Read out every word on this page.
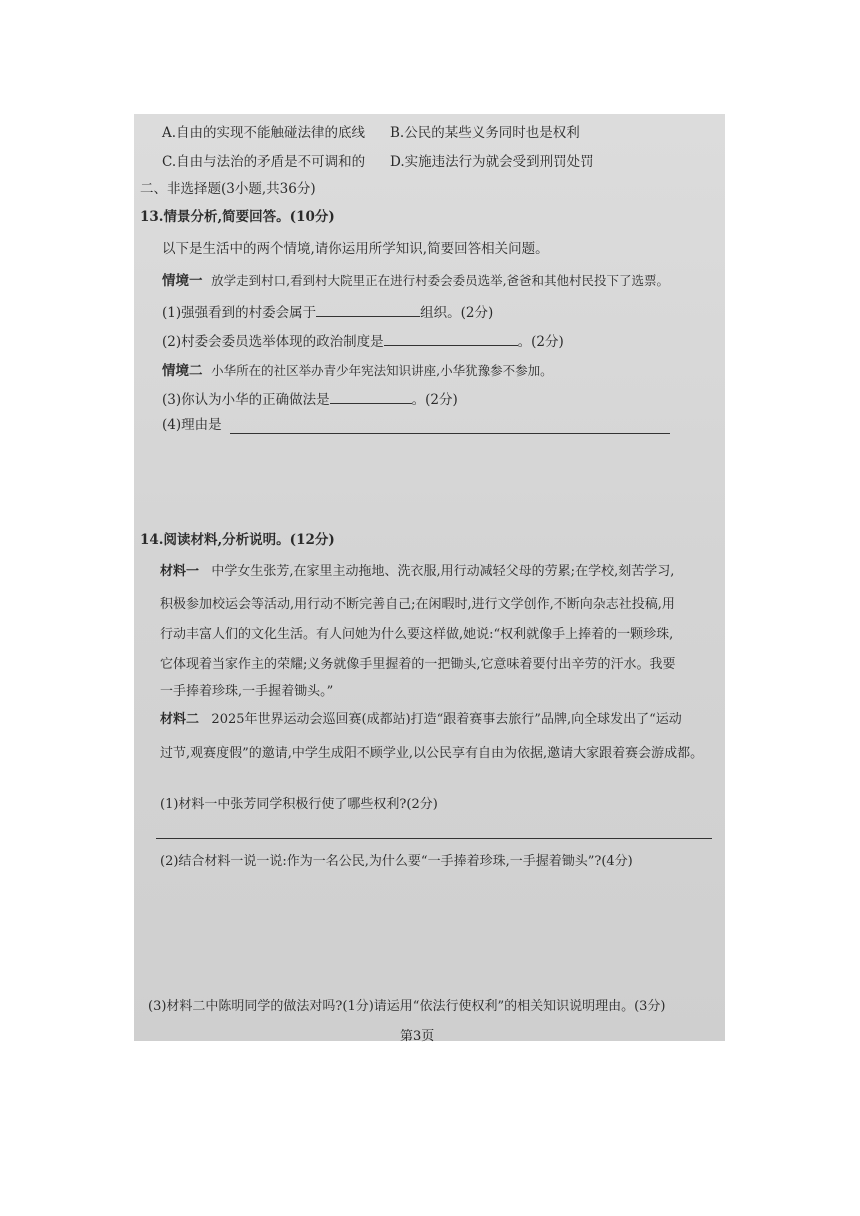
A.自由的实现不能触碰法律的底线 B.公民的某些义务同时也是权利
C.自由与法治的矛盾是不可调和的 D.实施违法行为就会受到刑罚处罚
二、非选择题(3小题,共36分)
13.情景分析,简要回答。(10分)
以下是生活中的两个情境,请你运用所学知识,简要回答相关问题。
情境一 放学走到村口,看到村大院里正在进行村委会委员选举,爸爸和其他村民投下了选票。
(1)强强看到的村委会属于	组织。(2分)
(2)村委会委员选举体现的政治制度是	。(2分)
情境二 小华所在的社区举办青少年宪法知识讲座,小华犹豫参不参加。
(3)你认为小华的正确做法是	。(2分)
(4)理由是
14.阅读材料,分析说明。(12分)
材料一 中学女生张芳,在家里主动拖地、洗衣服,用行动减轻父母的劳累;在学校,刻苦学习,
积极参加校运会等活动,用行动不断完善自己;在闲暇时,进行文学创作,不断向杂志社投稿,用
行动丰富人们的文化生活。有人问她为什么要这样做,她说:“权利就像手上捧着的一颗珍珠,
它体现着当家作主的荣耀;义务就像手里握着的一把锄头,它意味着要付出辛劳的汗水。我要
一手捧着珍珠,一手握着锄头。”
材料二 2025年世界运动会巡回赛(成都站)打造“跟着赛事去旅行”品牌,向全球发出了“运动
过节,观赛度假”的邀请,中学生成阳不顾学业,以公民享有自由为依据,邀请大家跟着赛会游成都。
(1)材料一中张芳同学积极行使了哪些权利?(2分)
(2)结合材料一说一说:作为一名公民,为什么要“一手捧着珍珠,一手握着锄头”?(4分)
(3)材料二中陈明同学的做法对吗?(1分)请运用“依法行使权利”的相关知识说明理由。(3分)
第3页
